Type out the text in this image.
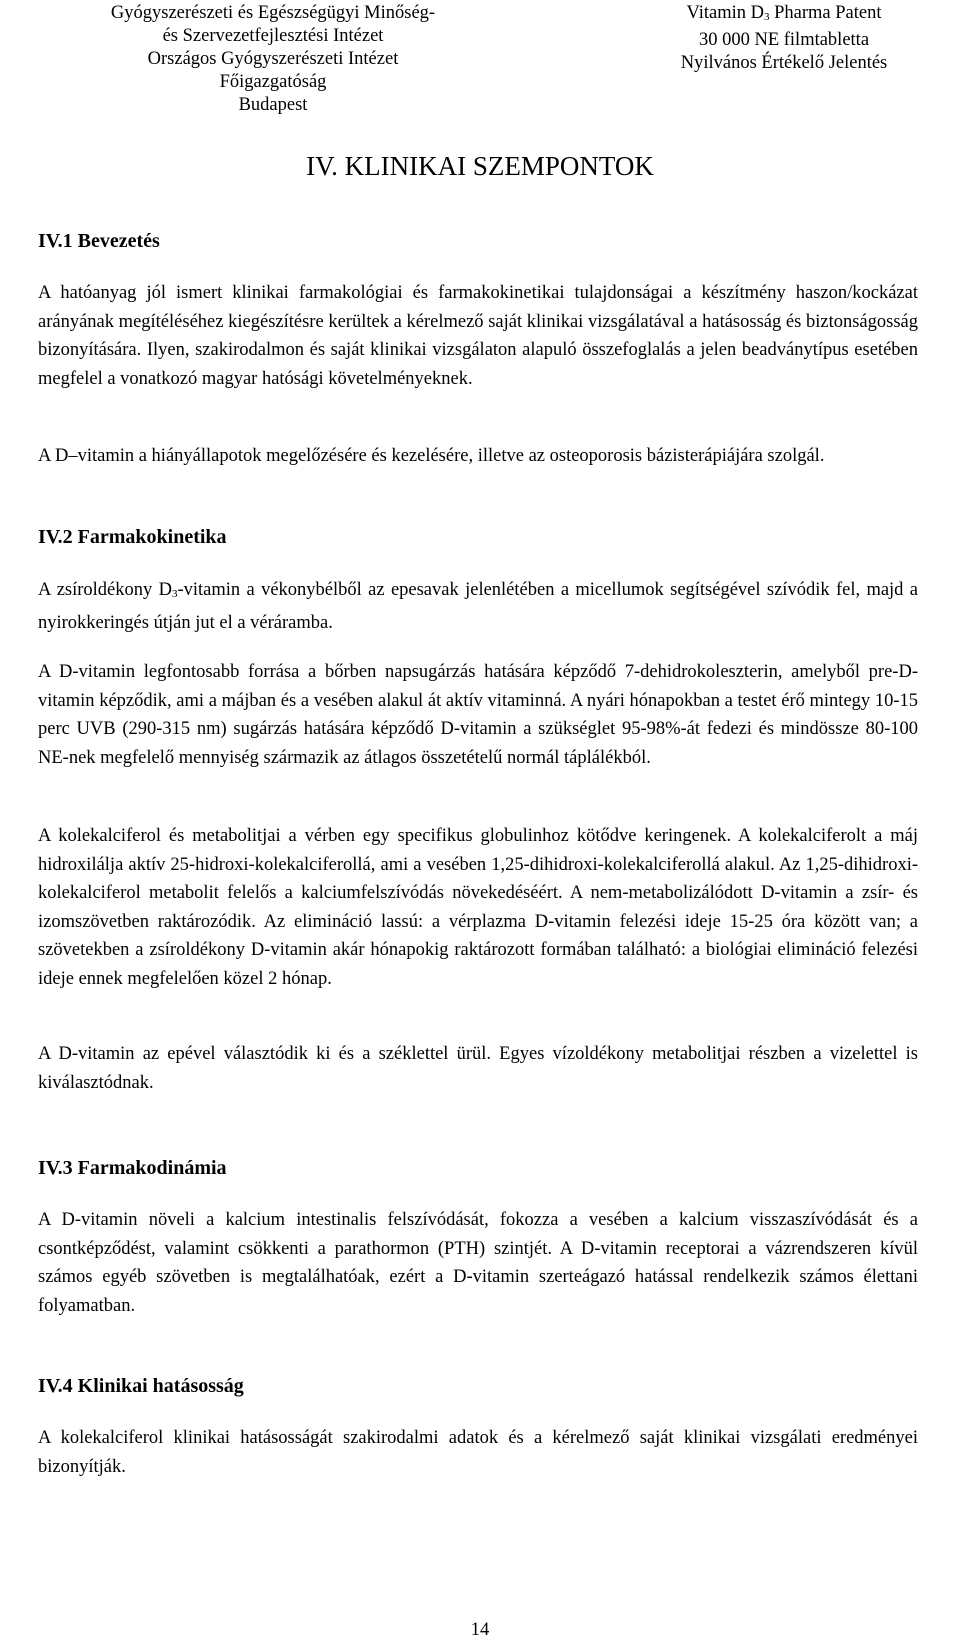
Gyógyszerészeti és Egészségügyi Minőség-
és Szervezetfejlesztési Intézet
Országos Gyógyszerészeti Intézet
Főigazgatóság
Budapest
Vitamin D3 Pharma Patent
30 000 NE filmtabletta
Nyilvános Értékelő Jelentés
IV. KLINIKAI SZEMPONTOK
IV.1 Bevezetés

A hatóanyag jól ismert klinikai farmakológiai és farmakokinetikai tulajdonságai a készítmény haszon/kockázat arányának megítéléséhez kiegészítésre kerültek a kérelmező saját klinikai vizsgálatával a hatásosság és biztonságosság bizonyítására. Ilyen, szakirodalmon és saját klinikai vizsgálaton alapuló összefoglalás a jelen beadványtípus esetében megfelel a vonatkozó magyar hatósági követelményeknek.

A D–vitamin a hiányállapotok megelőzésére és kezelésére, illetve az osteoporosis bázisterápiájára szolgál.

IV.2 Farmakokinetika

A zsíroldékony D3-vitamin a vékonybélből az epesavak jelenlétében a micellumok segítségével szívódik fel, majd a nyirokkeringés útján jut el a véráramba.

A D-vitamin legfontosabb forrása a bőrben napsugárzás hatására képződő 7-dehidrokoleszterin, amelyből pre-D-vitamin képződik, ami a májban és a vesében alakul át aktív vitaminná. A nyári hónapokban a testet érő mintegy 10-15 perc UVB (290-315 nm) sugárzás hatására képződő D-vitamin a szükséglet 95-98%-át fedezi és mindössze 80-100 NE-nek megfelelő mennyiség származik az átlagos összetételű normál táplálékból.

A kolekalciferol és metabolitjai a vérben egy specifikus globulinhoz kötődve keringenek. A kolekalciferolt a máj hidroxilálja aktív 25-hidroxi-kolekalciferollá, ami a vesében 1,25-dihidroxi-kolekalciferollá alakul. Az 1,25-dihidroxi-kolekalciferol metabolit felelős a kalciumfelszívódás növekedéséért. A nem-metabolizálódott D-vitamin a zsír- és izomszövetben raktározódik. Az elimináció lassú: a vérplazma D-vitamin felezési ideje 15-25 óra között van; a szövetekben a zsíroldékony D-vitamin akár hónapokig raktározott formában található: a biológiai elimináció felezési ideje ennek megfelelően közel 2 hónap.

A D-vitamin az epével választódik ki és a széklettel ürül. Egyes vízoldékony metabolitjai részben a vizelettel is kiválasztódnak.

IV.3 Farmakodinámia

A D-vitamin növeli a kalcium intestinalis felszívódását, fokozza a vesében a kalcium visszaszívódását és a csontképződést, valamint csökkenti a parathormon (PTH) szintjét. A D-vitamin receptorai a vázrendszeren kívül számos egyéb szövetben is megtalálhatóak, ezért a D-vitamin szerteágazó hatással rendelkezik számos élettani folyamatban.

IV.4 Klinikai hatásosság

A kolekalciferol klinikai hatásosságát szakirodalmi adatok és a kérelmező saját klinikai vizsgálati eredményei bizonyítják.

14
